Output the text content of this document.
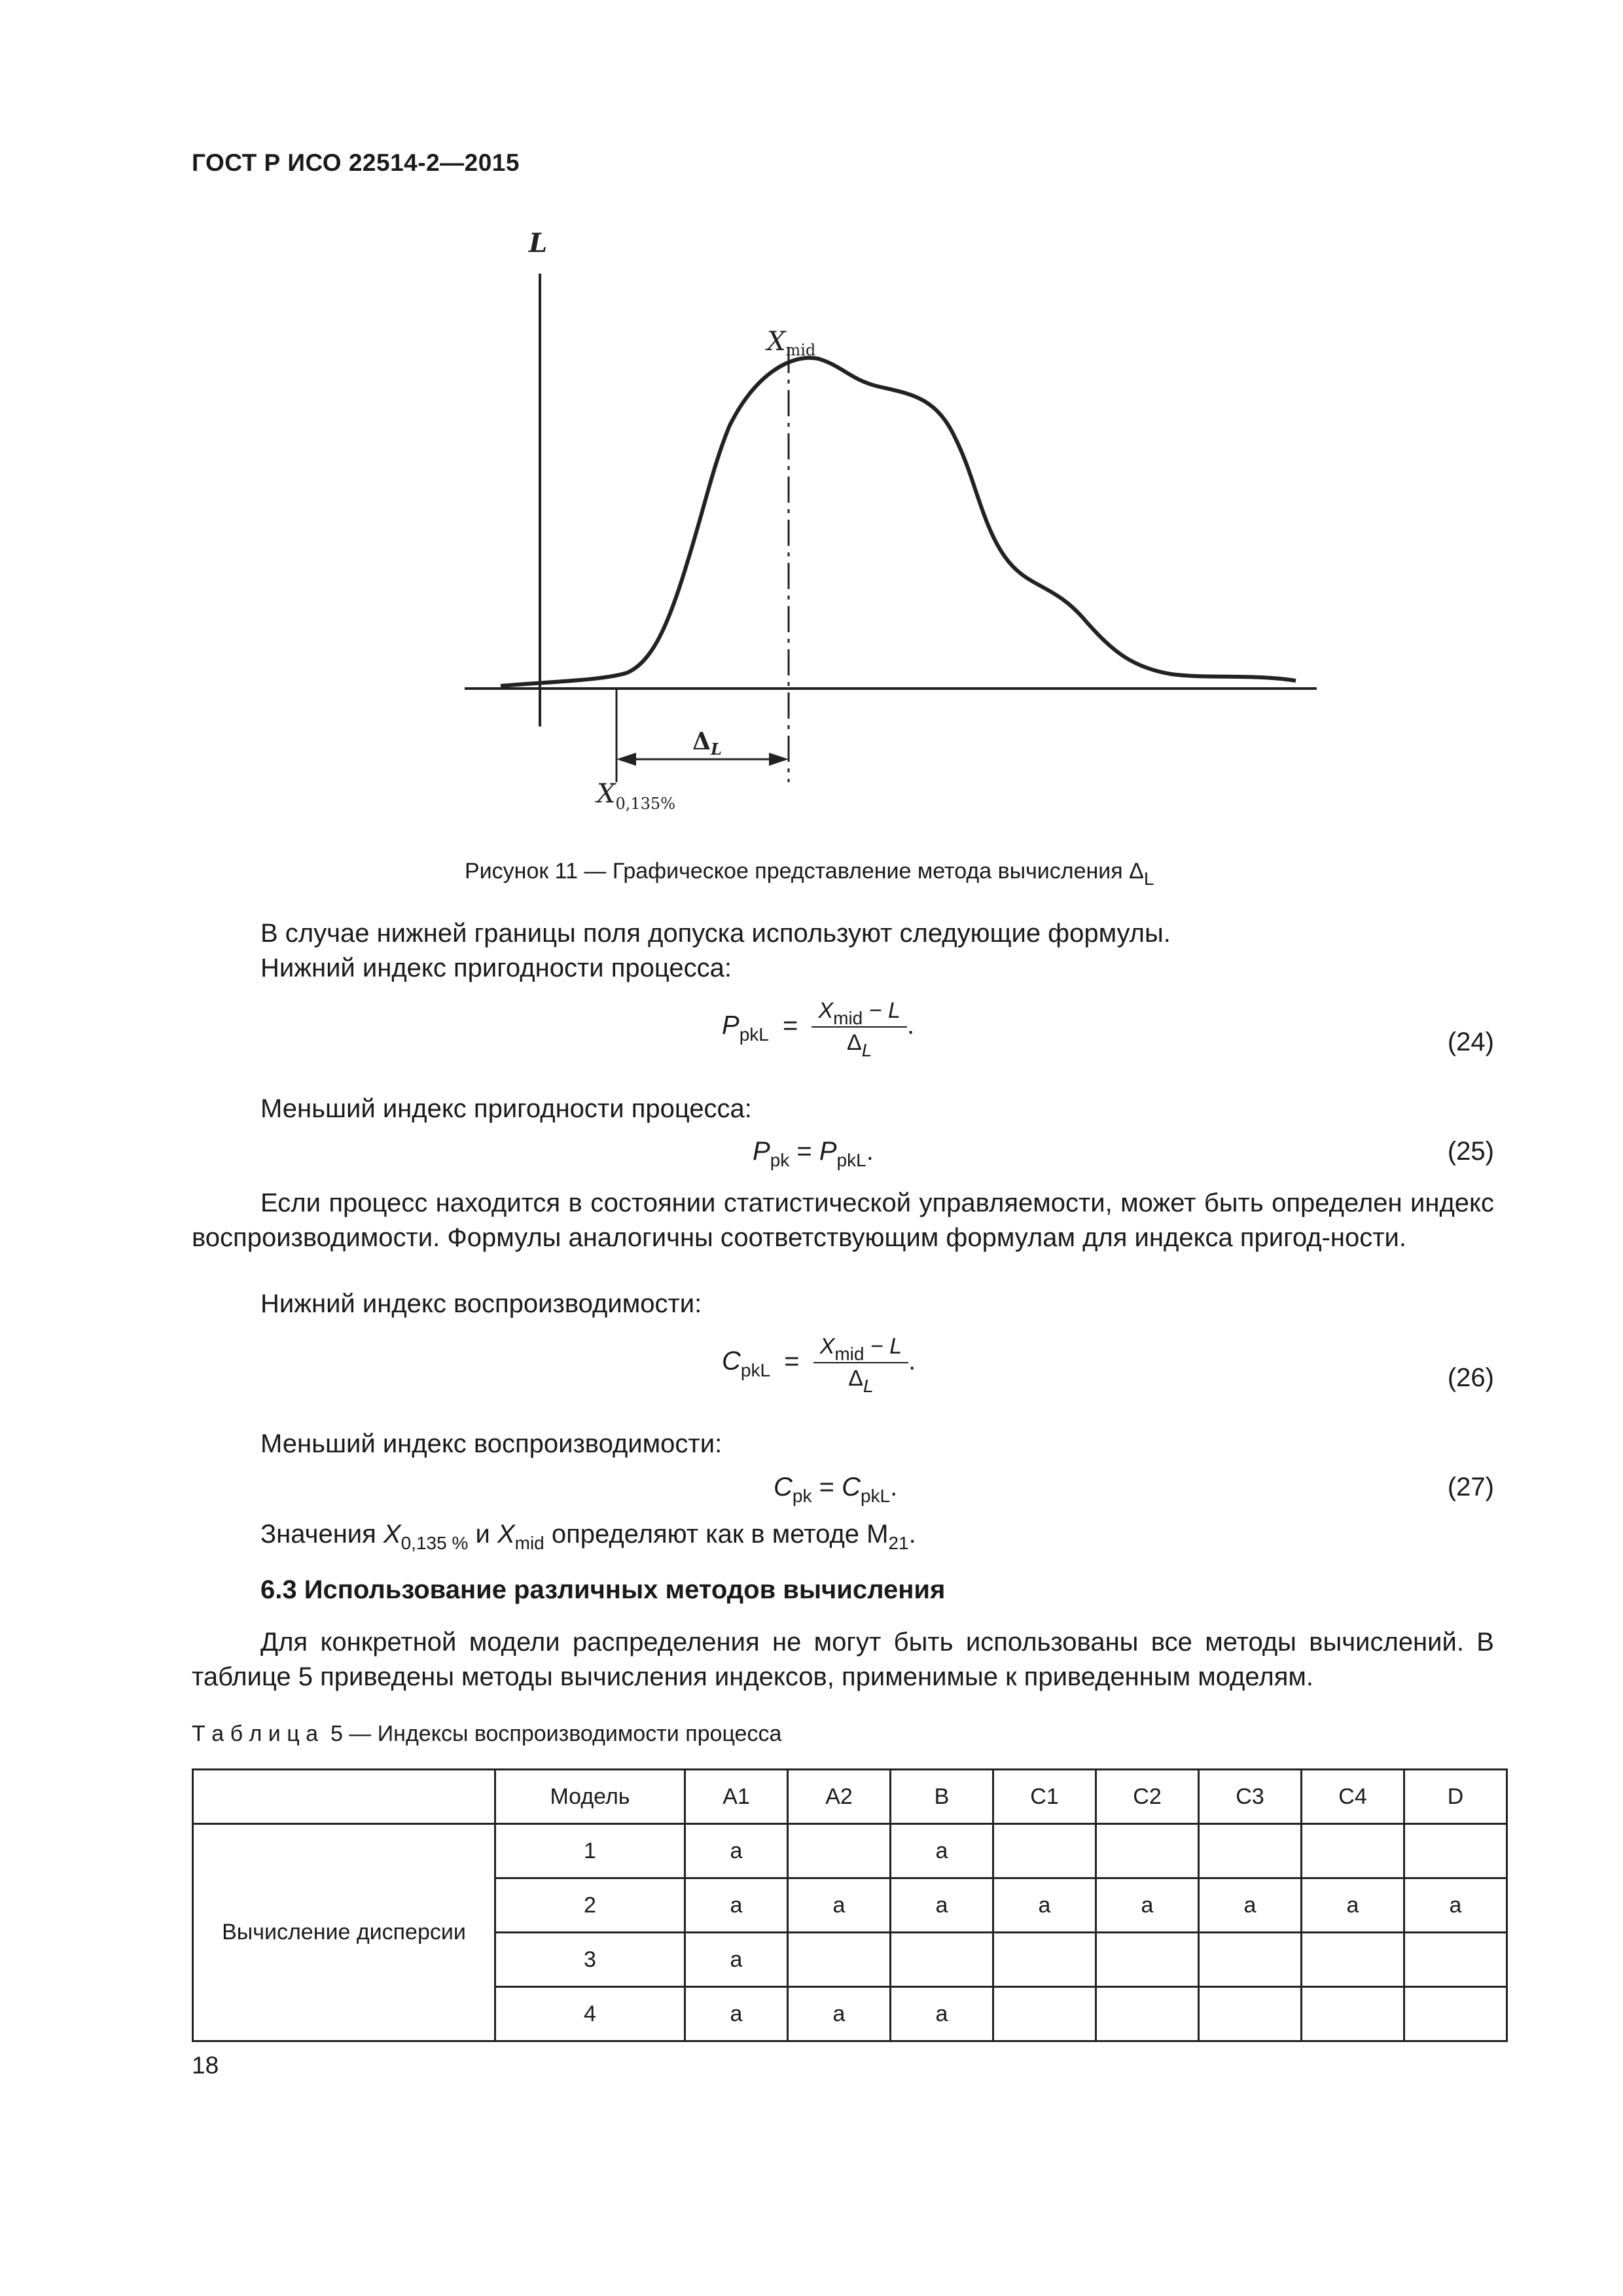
ГОСТ Р ИСО 22514-2—2015
L
$X_{mid}$
$\Delta_L$
$X_{0,135\%}$
Рисунок 11 — Графическое представление метода вычисления $\Delta_L$
В случае нижней границы поля допуска используют следующие формулы.
Нижний индекс пригодности процесса:
$P_{pkL} = \frac{X_{mid} - L}{\Delta_L}$ .
(24)
Меньший индекс пригодности процесса:
$P_{pk} = P_{pkL}$.	(25)
Если процесс находится в состоянии статистической управляемости, может быть определен индекс воспроизводимости. Формулы аналогичны соответствующим формулам для индекса пригод-ности.
Нижний индекс воспроизводимости:
$C_{pkL} = \frac{X_{mid} - L}{\Delta_L}$ .
(26)
Меньший индекс воспроизводимости:
$C_{pk} = C_{pkL}$.	(27)
Значения $X_{0,135 \%}$ и $X_{mid}$ определяют как в методе $M_{21}$.
6.3 Использование различных методов вычисления
Для конкретной модели распределения не могут быть использованы все методы вычислений. В таблице 5 приведены методы вычисления индексов, применимые к приведенным моделям.
Т а б л и ц а  5 — Индексы воспроизводимости процесса
	Модель	A1	A2	B	C1	C2	C3	C4	D
Вычисление дисперсии	1	a		a					
	2	a	a	a	a	a	a	a	a
	3	a							
	4	a	a	a					
18
